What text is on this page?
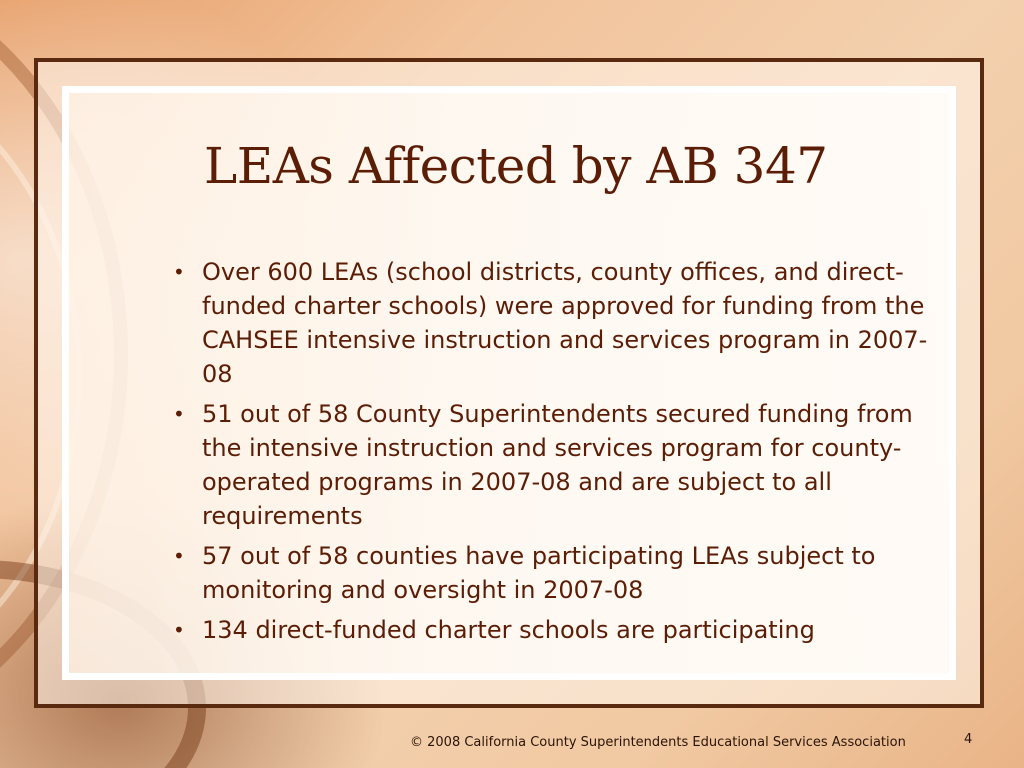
LEAs Affected by AB 347
• Over 600 LEAs (school districts, county offices, and direct-funded charter schools) were approved for funding from the CAHSEE intensive instruction and services program in 2007-08
• 51 out of 58 County Superintendents secured funding from the intensive instruction and services program for county-operated programs in 2007-08 and are subject to all requirements
• 57 out of 58 counties have participating LEAs subject to monitoring and oversight in 2007-08
• 134 direct-funded charter schools are participating
© 2008 California County Superintendents Educational Services Association	4
